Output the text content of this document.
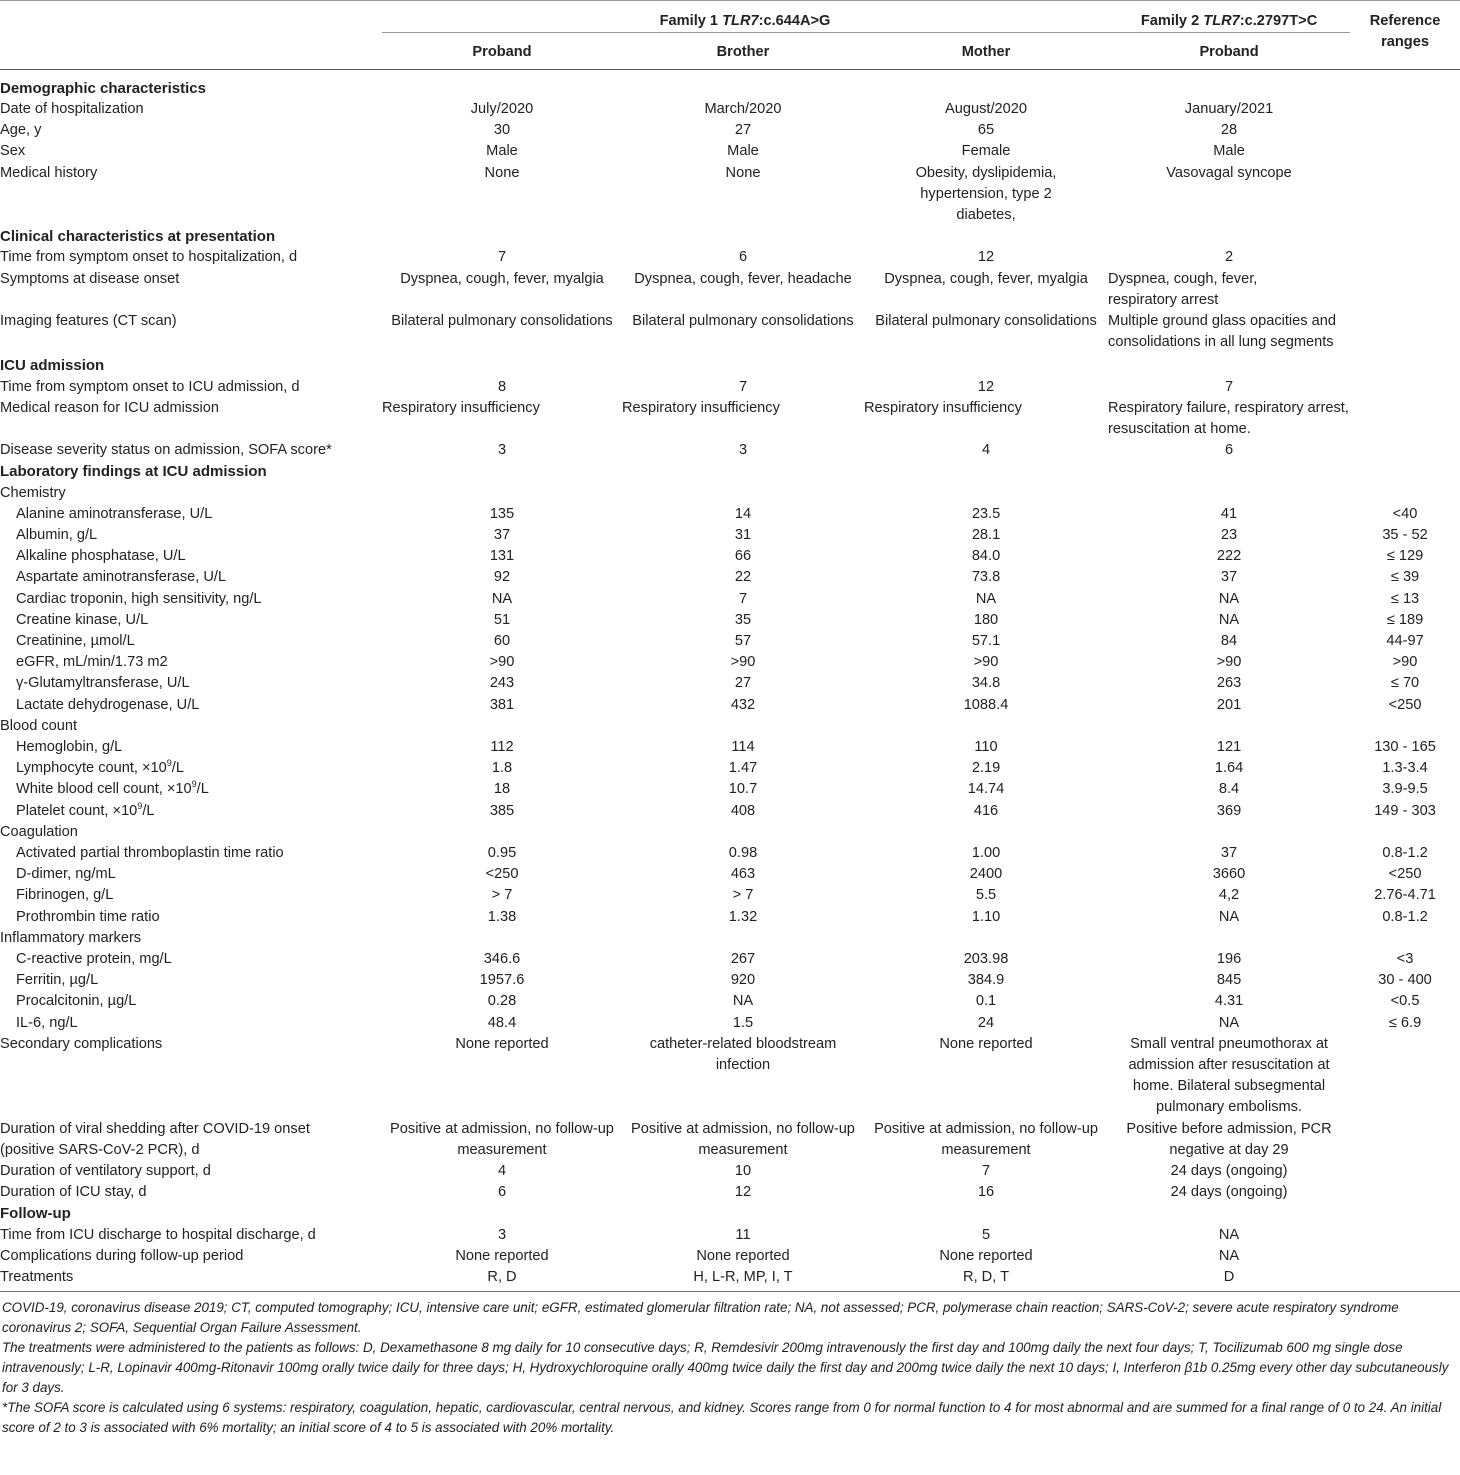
	Family 1 TLR7:c.644A>G			Family 2 TLR7:c.2797T>C	Reference ranges
	Proband	Brother	Mother	Proband	
Demographic characteristics					
Date of hospitalization	July/2020	March/2020	August/2020	January/2021	
Age, y	30	27	65	28	
Sex	Male	Male	Female	Male	
Medical history	None	None	Obesity, dyslipidemia, hypertension, type 2 diabetes,	Vasovagal syncope	
Clinical characteristics at presentation					
Time from symptom onset to hospitalization, d	7	6	12	2	
Symptoms at disease onset	Dyspnea, cough, fever, myalgia	Dyspnea, cough, fever, headache	Dyspnea, cough, fever, myalgia	Dyspnea, cough, fever, respiratory arrest	
Imaging features (CT scan)	Bilateral pulmonary consolidations	Bilateral pulmonary consolidations	Bilateral pulmonary consolidations	Multiple ground glass opacities and consolidations in all lung segments	
ICU admission					
Time from symptom onset to ICU admission, d	8	7	12	7	
Medical reason for ICU admission	Respiratory insufficiency	Respiratory insufficiency	Respiratory insufficiency	Respiratory failure, respiratory arrest, resuscitation at home.	
Disease severity status on admission, SOFA score*	3	3	4	6	
Laboratory findings at ICU admission					
Chemistry					
Alanine aminotransferase, U/L	135	14	23.5	41	<40
Albumin, g/L	37	31	28.1	23	35 - 52
Alkaline phosphatase, U/L	131	66	84.0	222	≤ 129
Aspartate aminotransferase, U/L	92	22	73.8	37	≤ 39
Cardiac troponin, high sensitivity, ng/L	NA	7	NA	NA	≤ 13
Creatine kinase, U/L	51	35	180	NA	≤ 189
Creatinine, µmol/L	60	57	57.1	84	44-97
eGFR, mL/min/1.73 m2	>90	>90	>90	>90	>90
γ-Glutamyltransferase, U/L	243	27	34.8	263	≤ 70
Lactate dehydrogenase, U/L	381	432	1088.4	201	<250
Blood count					
Hemoglobin, g/L	112	114	110	121	130 - 165
Lymphocyte count, $\times 10^9/L$	1.8	1.47	2.19	1.64	1.3-3.4
White blood cell count, $\times 10^9/L$	18	10.7	14.74	8.4	3.9-9.5
Platelet count, $\times 10^9/L$	385	408	416	369	149 - 303
Coagulation					
Activated partial thromboplastin time ratio	0.95	0.98	1.00	37	0.8-1.2
D-dimer, ng/mL	<250	463	2400	3660	<250
Fibrinogen, g/L	> 7	> 7	5.5	4,2	2.76-4.71
Prothrombin time ratio	1.38	1.32	1.10	NA	0.8-1.2
Inflammatory markers					
C-reactive protein, mg/L	346.6	267	203.98	196	<3
Ferritin, µg/L	1957.6	920	384.9	845	30 - 400
Procalcitonin, µg/L	0.28	NA	0.1	4.31	<0.5
IL-6, ng/L	48.4	1.5	24	NA	≤ 6.9
Secondary complications	None reported	catheter-related bloodstream infection	None reported	Small ventral pneumothorax at admission after resuscitation at home. Bilateral subsegmental pulmonary embolisms.	
Duration of viral shedding after COVID-19 onset (positive SARS-CoV-2 PCR), d	Positive at admission, no follow-up measurement	Positive at admission, no follow-up measurement	Positive at admission, no follow-up measurement	Positive before admission, PCR negative at day 29	
Duration of ventilatory support, d	4	10	7	24 days (ongoing)	
Duration of ICU stay, d	6	12	16	24 days (ongoing)	
Follow-up					
Time from ICU discharge to hospital discharge, d	3	11	5	NA	
Complications during follow-up period	None reported	None reported	None reported	NA	
Treatments	R, D	H, L-R, MP, I, T	R, D, T	D	

COVID-19, coronavirus disease 2019; CT, computed tomography; ICU, intensive care unit; eGFR, estimated glomerular filtration rate; NA, not assessed; PCR, polymerase chain reaction; SARS-CoV-2; severe acute respiratory syndrome coronavirus 2; SOFA, Sequential Organ Failure Assessment.

The treatments were administered to the patients as follows: D, Dexamethasone 8 mg daily for 10 consecutive days; R, Remdesivir 200mg intravenously the first day and 100mg daily the next four days; T, Tocilizumab 600 mg single dose intravenously; L-R, Lopinavir 400mg-Ritonavir 100mg orally twice daily for three days; H, Hydroxychloroquine orally 400mg twice daily the first day and 200mg twice daily the next 10 days; I, Interferon β1b 0.25mg every other day subcutaneously for 3 days.

*The SOFA score is calculated using 6 systems: respiratory, coagulation, hepatic, cardiovascular, central nervous, and kidney. Scores range from 0 for normal function to 4 for most abnormal and are summed for a final range of 0 to 24. An initial score of 2 to 3 is associated with 6% mortality; an initial score of 4 to 5 is associated with 20% mortality.
